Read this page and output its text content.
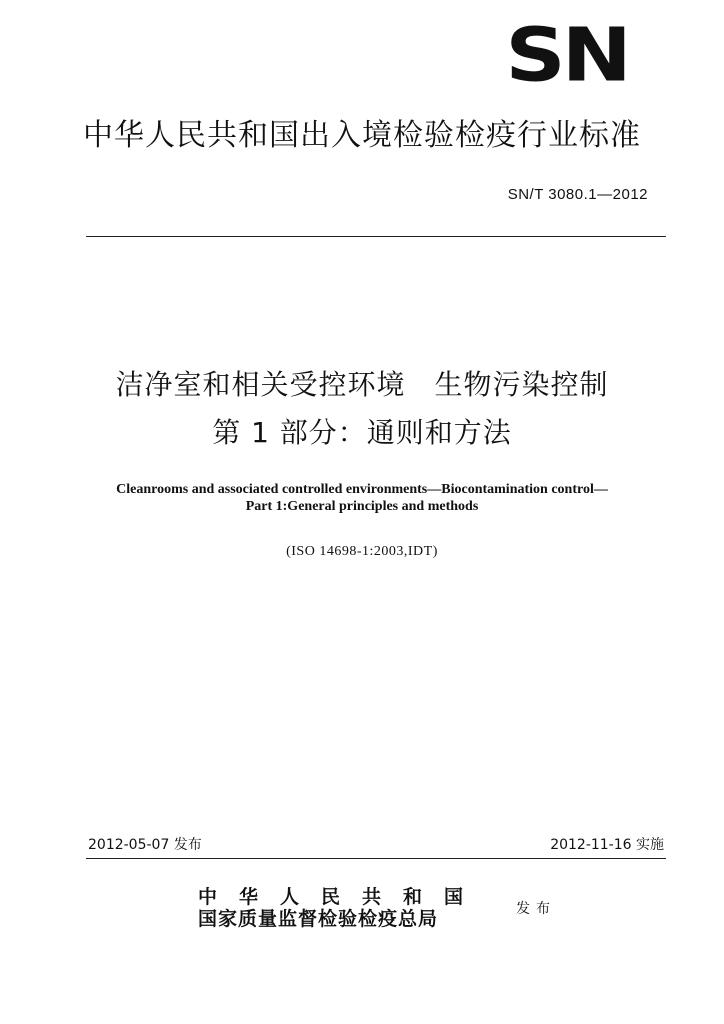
SN
中华人民共和国出入境检验检疫行业标准
SN/T 3080.1—2012
洁净室和相关受控环境　生物污染控制
第 1 部分：通则和方法
Cleanrooms and associated controlled environments—Biocontamination control—
Part 1:General principles and methods
(ISO 14698-1:2003,IDT)
2012-05-07 发布	2012-11-16 实施
中华人民共和国
国家质量监督检验检疫总局	发布
